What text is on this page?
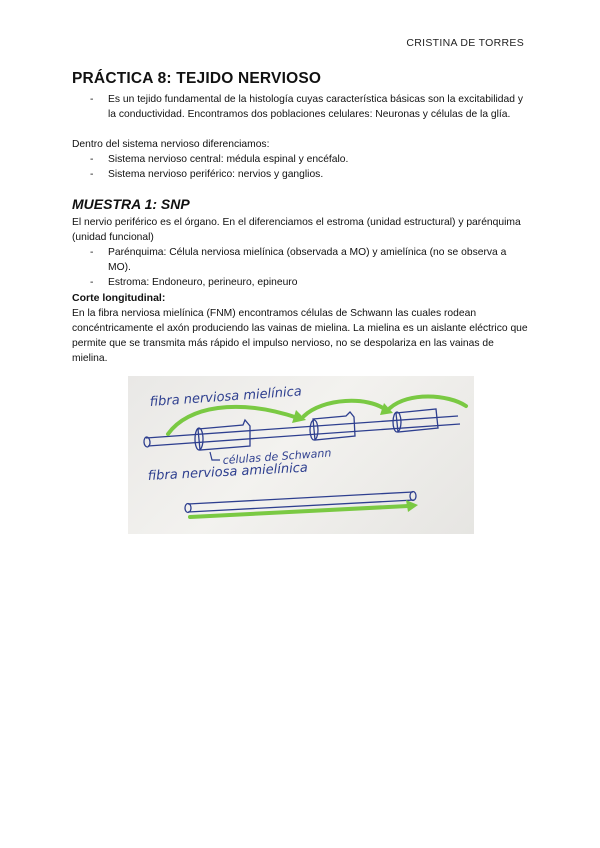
CRISTINA DE TORRES
PRÁCTICA 8: TEJIDO NERVIOSO
- Es un tejido fundamental de la histología cuyas característica básicas son la excitabilidad y la conductividad. Encontramos dos poblaciones celulares: Neuronas y células de la glía.

Dentro del sistema nervioso diferenciamos:

- Sistema nervioso central: médula espinal y encéfalo.
- Sistema nervioso periférico: nervios y ganglios.
MUESTRA 1: SNP

El nervio periférico es el órgano. En el diferenciamos el estroma (unidad estructural) y parénquima (unidad funcional)

- Parénquima: Célula nerviosa mielínica (observada a MO) y amielínica (no se observa a MO).
- Estroma: Endoneuro, perineuro, epineuro
Corte longitudinal:

En la fibra nerviosa mielínica (FNM) encontramos células de Schwann las cuales rodean concéntricamente el axón produciendo las vainas de mielina. La mielina es un aislante eléctrico que permite que se transmita más rápido el impulso nervioso, no se despolariza en las vainas de mielina.

fibra nerviosa mielínica
células de Schwann
fibra nerviosa amielínica
